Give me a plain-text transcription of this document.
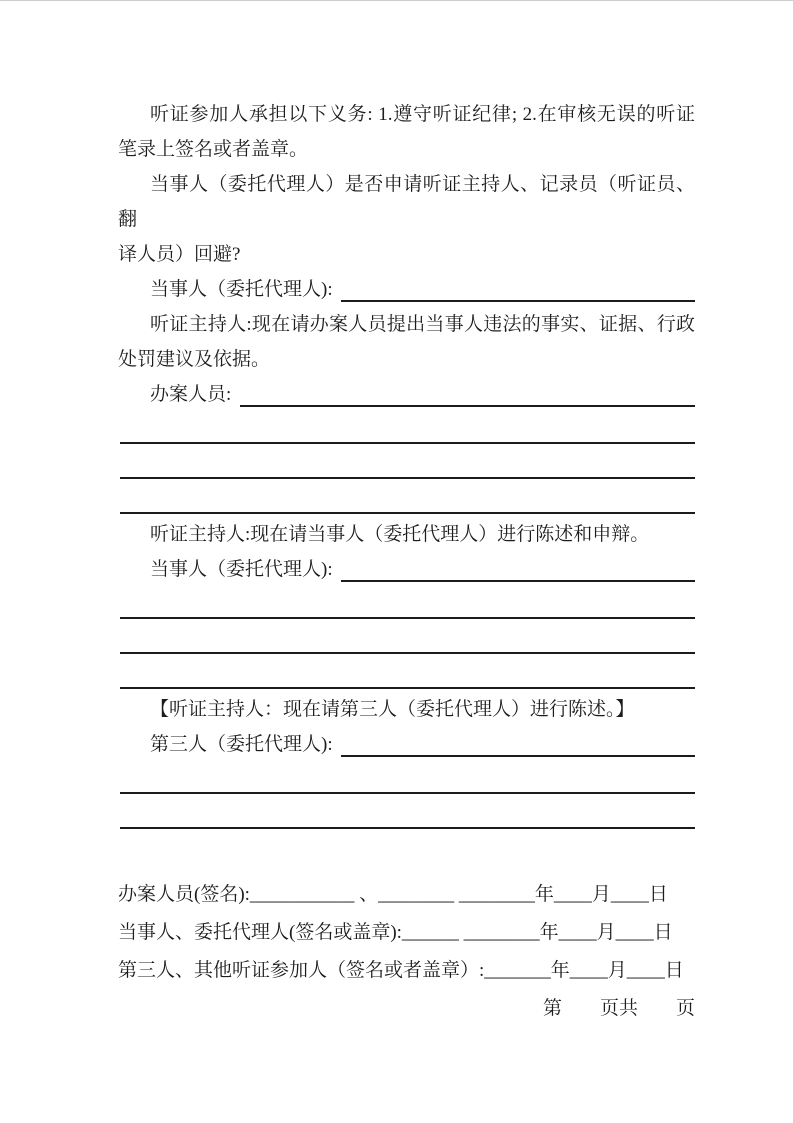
听证参加人承担以下义务: 1.遵守听证纪律; 2.在审核无误的听证
笔录上签名或者盖章。
当事人（委托代理人）是否申请听证主持人、记录员（听证员、翻
译人员）回避?
当事人（委托代理人):
听证主持人:现在请办案人员提出当事人违法的事实、证据、行政
处罚建议及依据。
办案人员:
听证主持人:现在请当事人（委托代理人）进行陈述和申辩。
当事人（委托代理人):
【听证主持人：现在请第三人（委托代理人）进行陈述。】
第三人（委托代理人):
办案人员(签名):___________ 、________ ________年____月____日
当事人、委托代理人(签名或盖章):______ ________年____月____日
第三人、其他听证参加人（签名或者盖章）:_______年____月____日
第　　页共　　页
